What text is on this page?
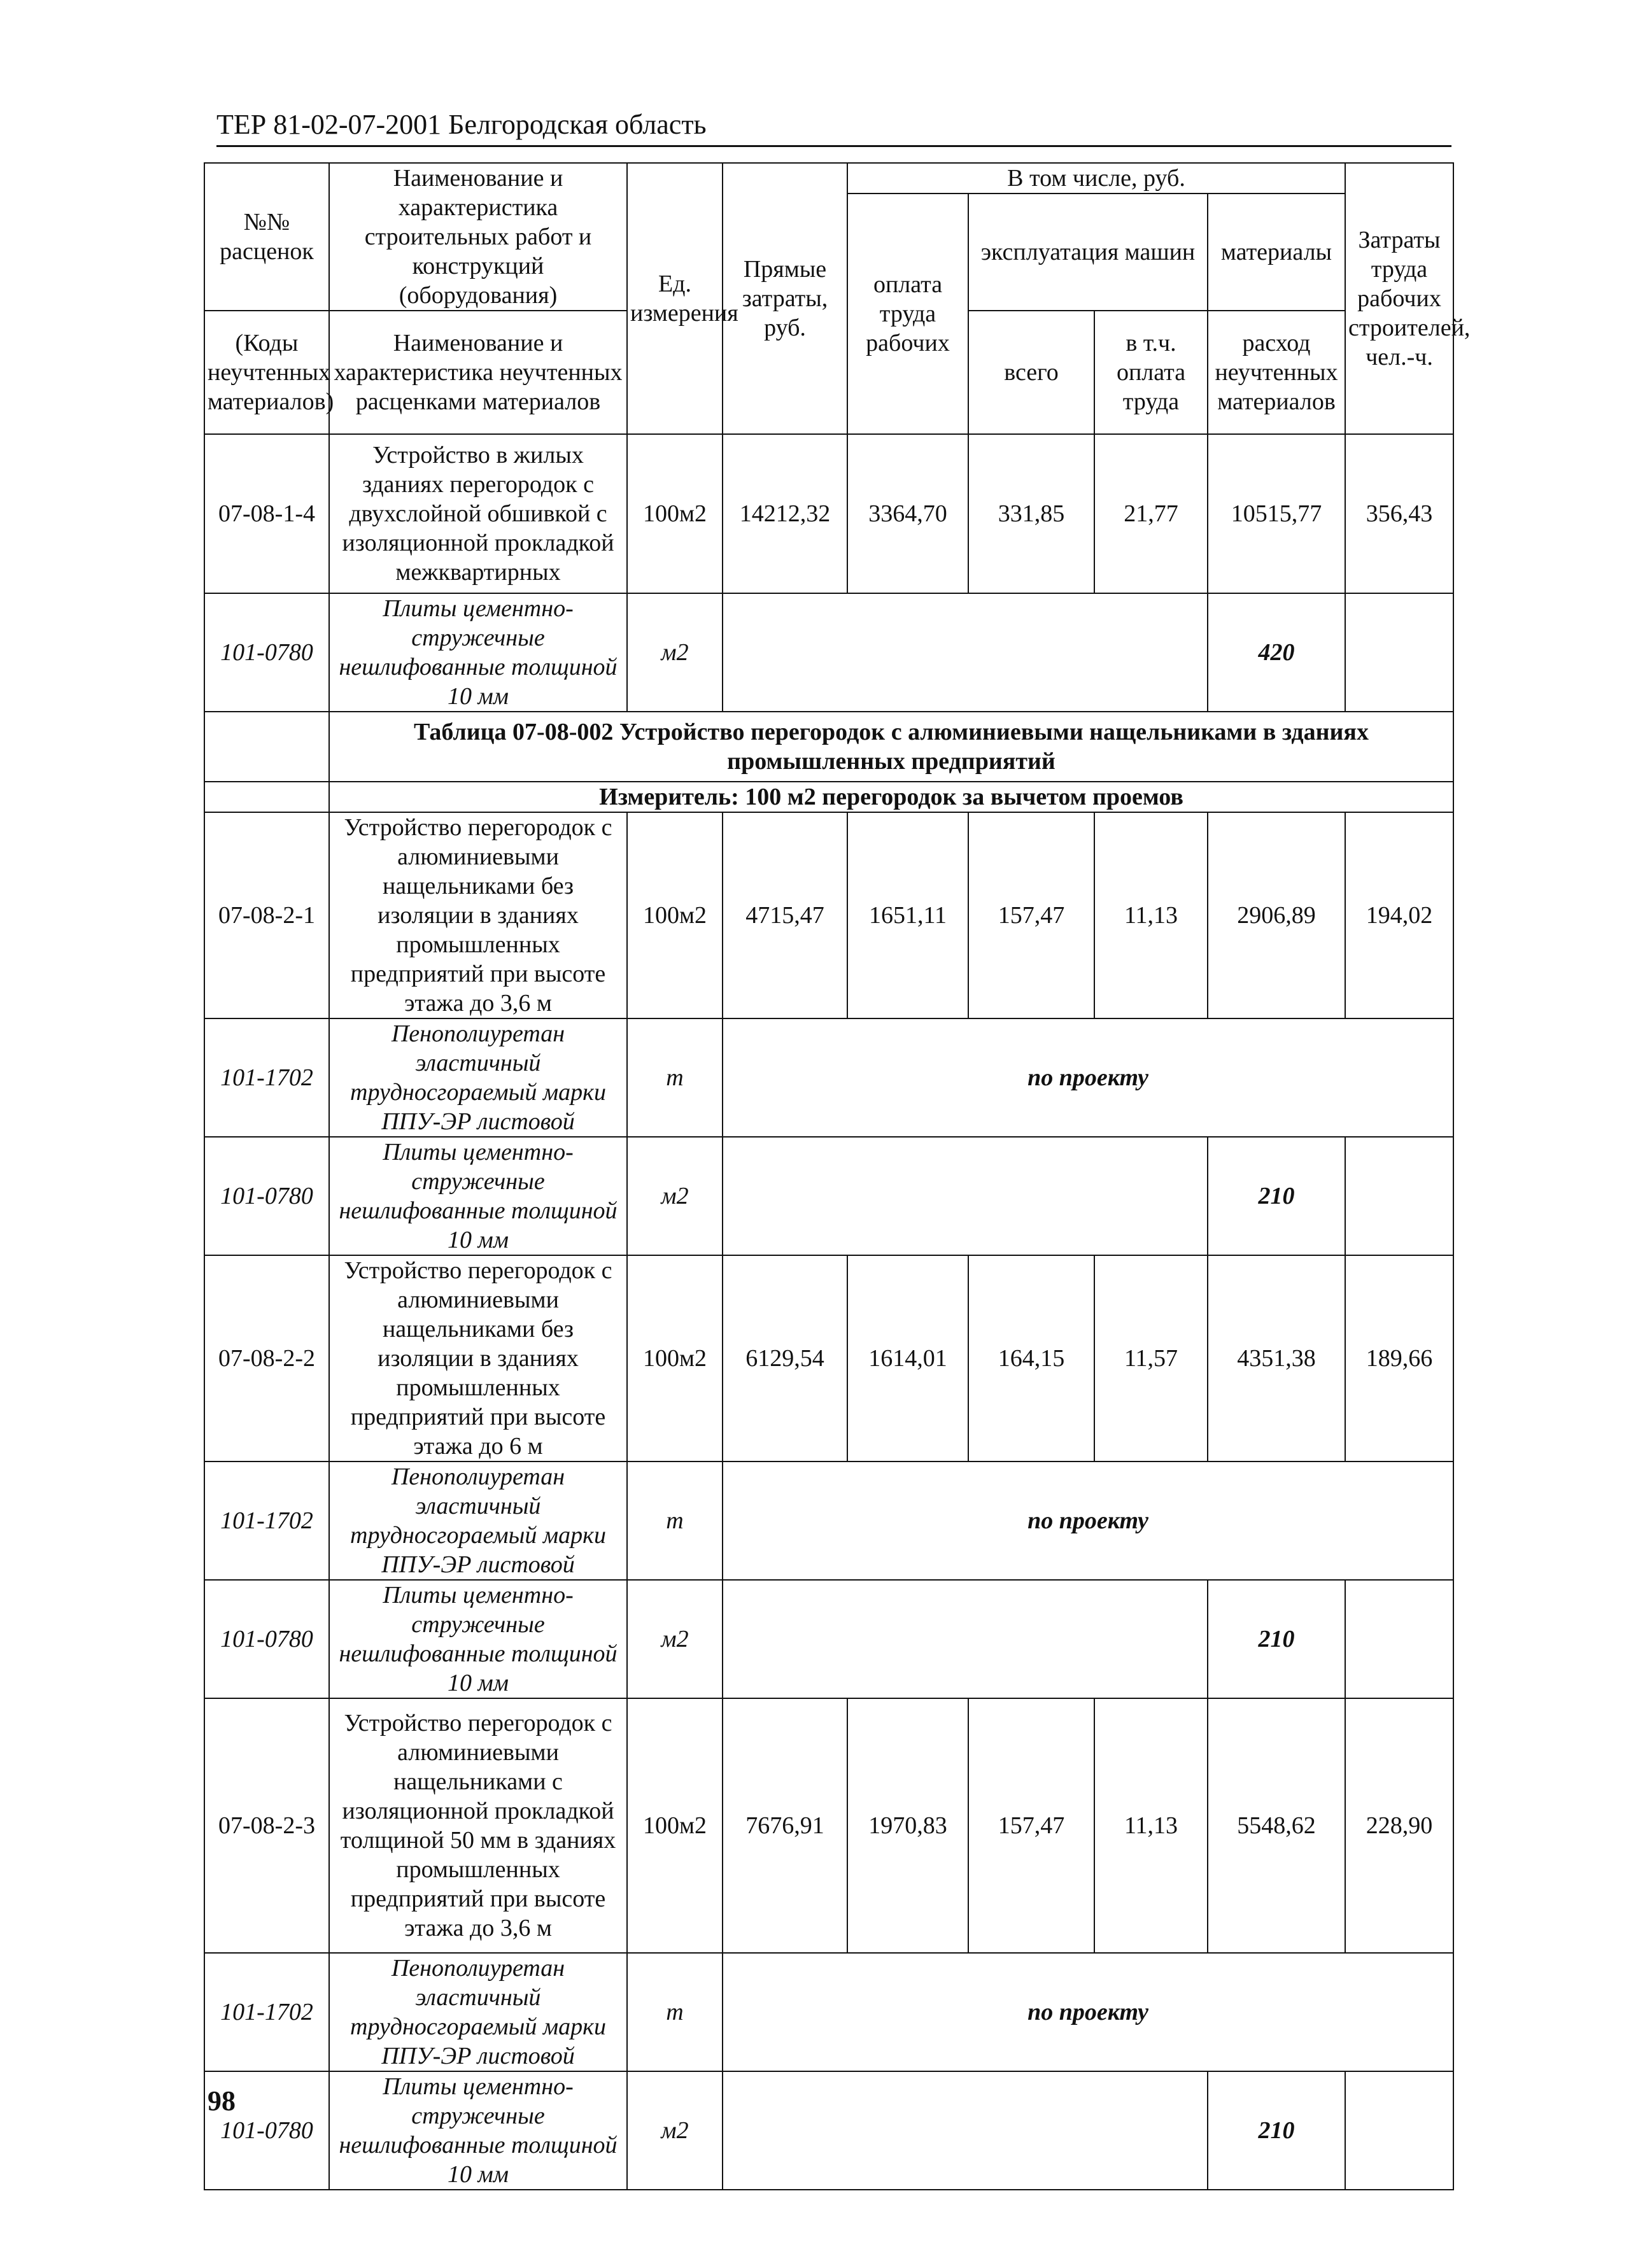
ТЕР 81-02-07-2001 Белгородская область
№№ расценок	Наименование и характеристика строительных работ и конструкций (оборудования)	Ед. измерения	Прямые затраты, руб.	В том числе, руб.				Затраты труда рабочих строителей, чел.-ч.
				оплата труда рабочих	эксплуатация машин		материалы	

(Коды неучтенных материалов)	Наименование и характеристика неучтенных расценками материалов				всего	в т.ч. оплата труда	расход неучтенных материалов	

07-08-1-4	Устройство в жилых зданиях перегородок с двухслойной обшивкой с изоляционной прокладкой межквартирных	100м2	14212,32	3364,70	331,85	21,77	10515,77	356,43
101-0780	Плиты цементно-стружечные нешлифованные толщиной 10 мм	м2					420	
	Таблица 07-08-002 Устройство перегородок с алюминиевыми нащельниками в зданиях промышленных предприятий							
	Измеритель: 100 м2 перегородок за вычетом проемов							
07-08-2-1	Устройство перегородок с алюминиевыми нащельниками без изоляции в зданиях промышленных предприятий при высоте этажа до 3,6 м	100м2	4715,47	1651,11	157,47	11,13	2906,89	194,02
101-1702	Пенополиуретан эластичный трудносгораемый марки ППУ-ЭР листовой	т	по проекту					
101-0780	Плиты цементно-стружечные нешлифованные толщиной 10 мм	м2					210	
07-08-2-2	Устройство перегородок с алюминиевыми нащельниками без изоляции в зданиях промышленных предприятий при высоте этажа до 6 м	100м2	6129,54	1614,01	164,15	11,57	4351,38	189,66
101-1702	Пенополиуретан эластичный трудносгораемый марки ППУ-ЭР листовой	т	по проекту					
101-0780	Плиты цементно-стружечные нешлифованные толщиной 10 мм	м2					210	
07-08-2-3	Устройство перегородок с алюминиевыми нащельниками с изоляционной прокладкой толщиной 50 мм в зданиях промышленных предприятий при высоте этажа до 3,6 м	100м2	7676,91	1970,83	157,47	11,13	5548,62	228,90
101-1702	Пенополиуретан эластичный трудносгораемый марки ППУ-ЭР листовой	т	по проекту					
101-0780	Плиты цементно-стружечные нешлифованные толщиной 10 мм	м2					210	
98
